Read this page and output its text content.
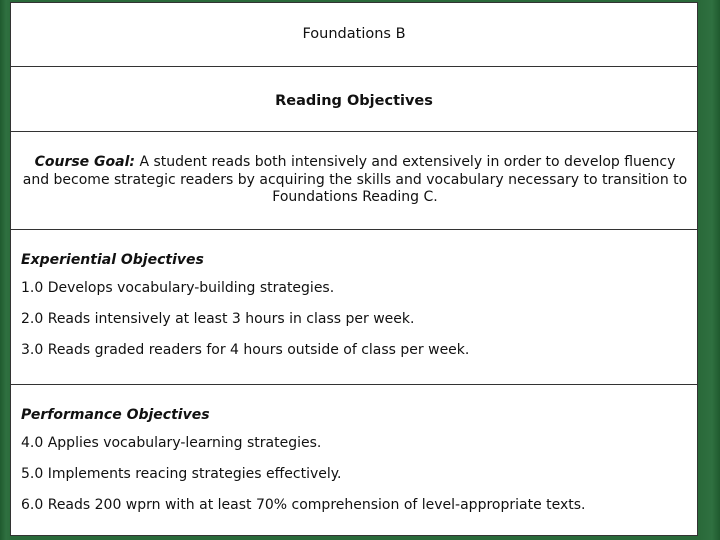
Foundations B
Reading Objectives
Course Goal: A student reads both intensively and extensively in order to develop fluency and become strategic readers by acquiring the skills and vocabulary necessary to transition to Foundations Reading C.
Experiential Objectives
1.0 Develops vocabulary-building strategies.
2.0 Reads intensively at least 3 hours in class per week.
3.0 Reads graded readers for 4 hours outside of class per week.
Performance Objectives
4.0 Applies vocabulary-learning strategies.
5.0 Implements reacing strategies effectively.
6.0 Reads 200 wprn with at least 70% comprehension of level-appropriate texts.
